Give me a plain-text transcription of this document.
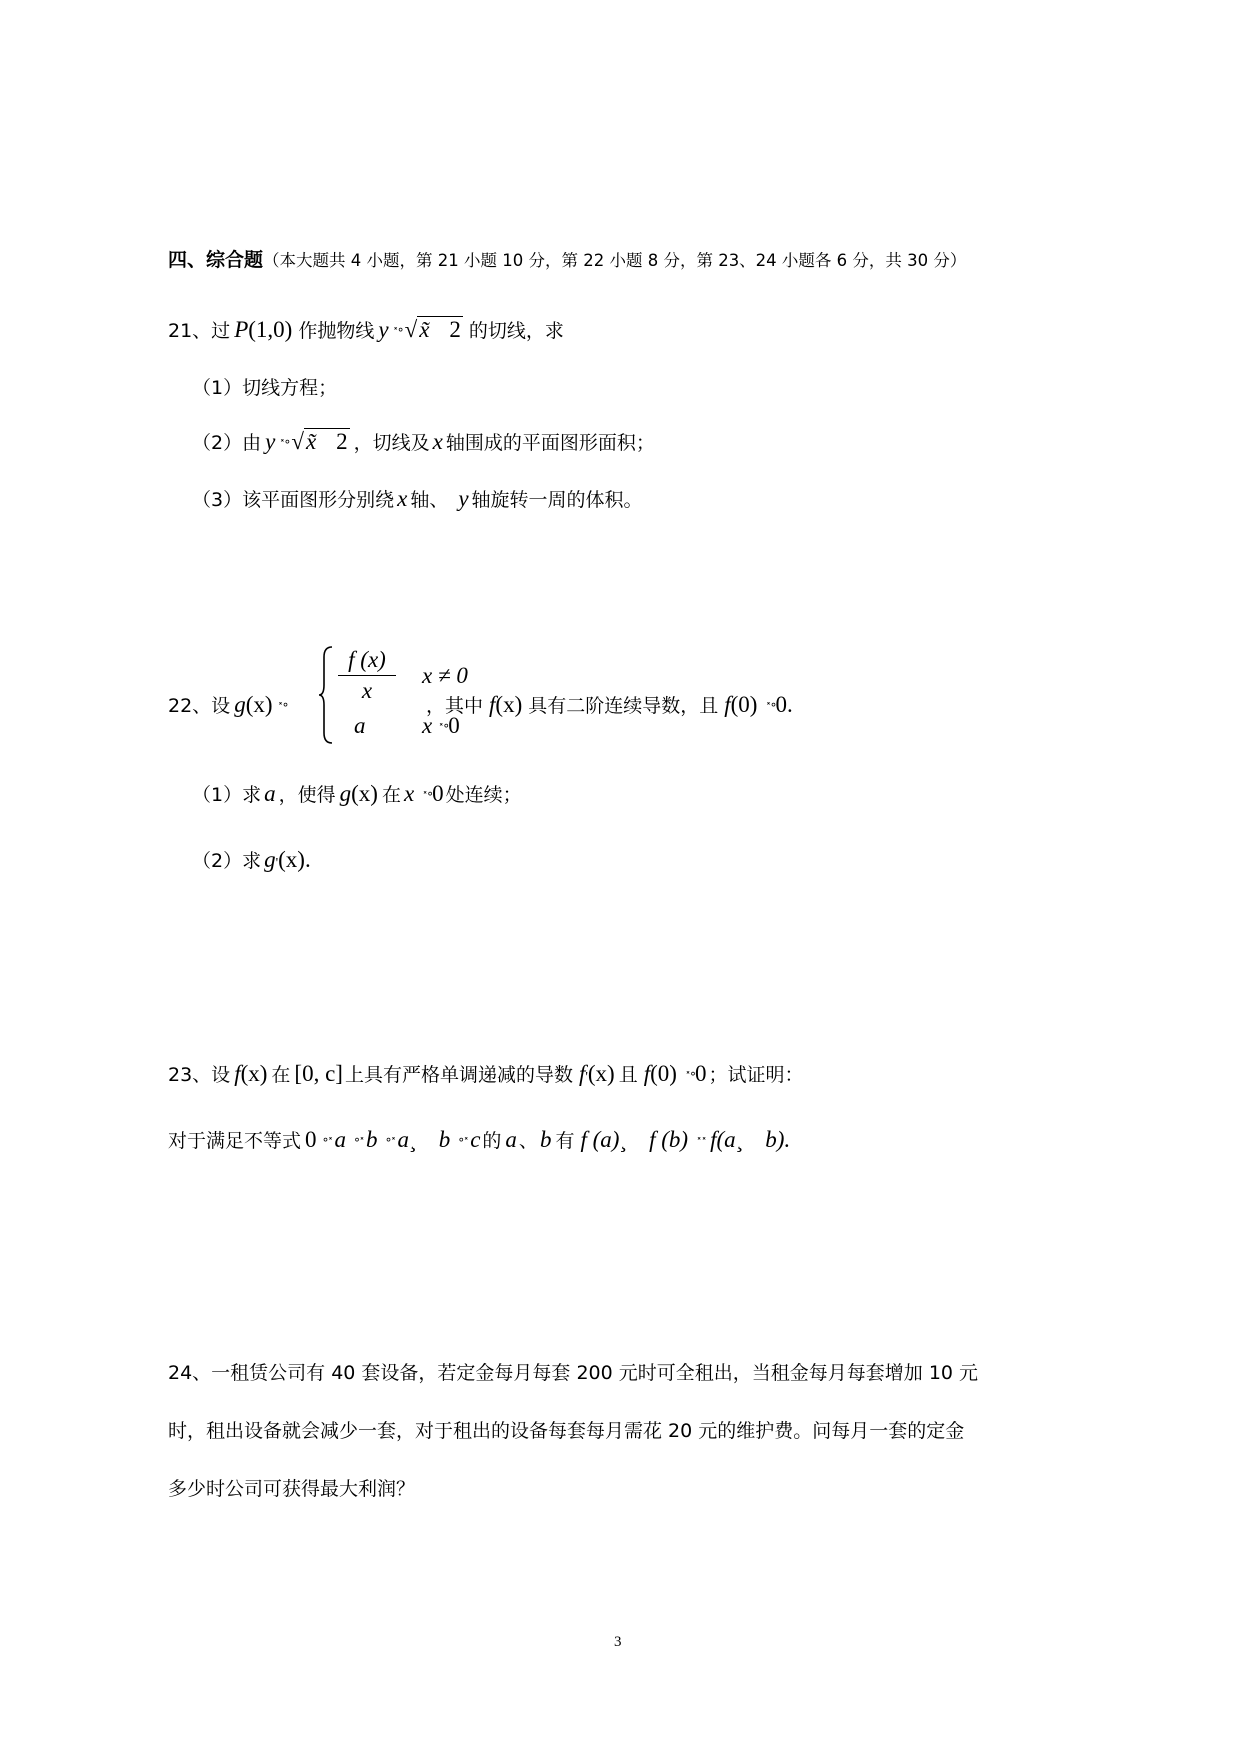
四、综合题（本大题共 4 小题，第 21 小题 10 分，第 22 小题 8 分，第 23、24 小题各 6 分，共 30 分）
21、过 P (1,0) 作抛物线 y ˟° √ x̃ 2 的切线，求
（1）切线方程；
（2）由 y ˟° √ x̃ 2 ，切线及 x 轴围成的平面图形面积；
（3）该平面图形分别绕 x 轴、 y 轴旋转一周的体积。
22、设 g (x) ˟°
f (x)
x
x ≠ 0
a x ˟° 0
，其中 f (x) 具有二阶连续导数，且 f (0) ˟° 0 .
（1）求 a ，使得 g (x) 在 x ˟° 0 处连续；
（2）求 g ' (x) .
23、设 f (x) 在 [0, c] 上具有严格单调递减的导数 f ' (x) 且 f (0) ˟° 0 ；试证明：
对于满足不等式 0 °˟ a °˟ b °˟ a ¸ b °˟ c 的 a 、 b 有 f (a) ¸ f (b) ˟˟ f (a ¸ b).
24、一租赁公司有 40 套设备，若定金每月每套 200 元时可全租出，当租金每月每套增加 10 元
时，租出设备就会减少一套，对于租出的设备每套每月需花 20 元的维护费。问每月一套的定金
多少时公司可获得最大利润？
3
